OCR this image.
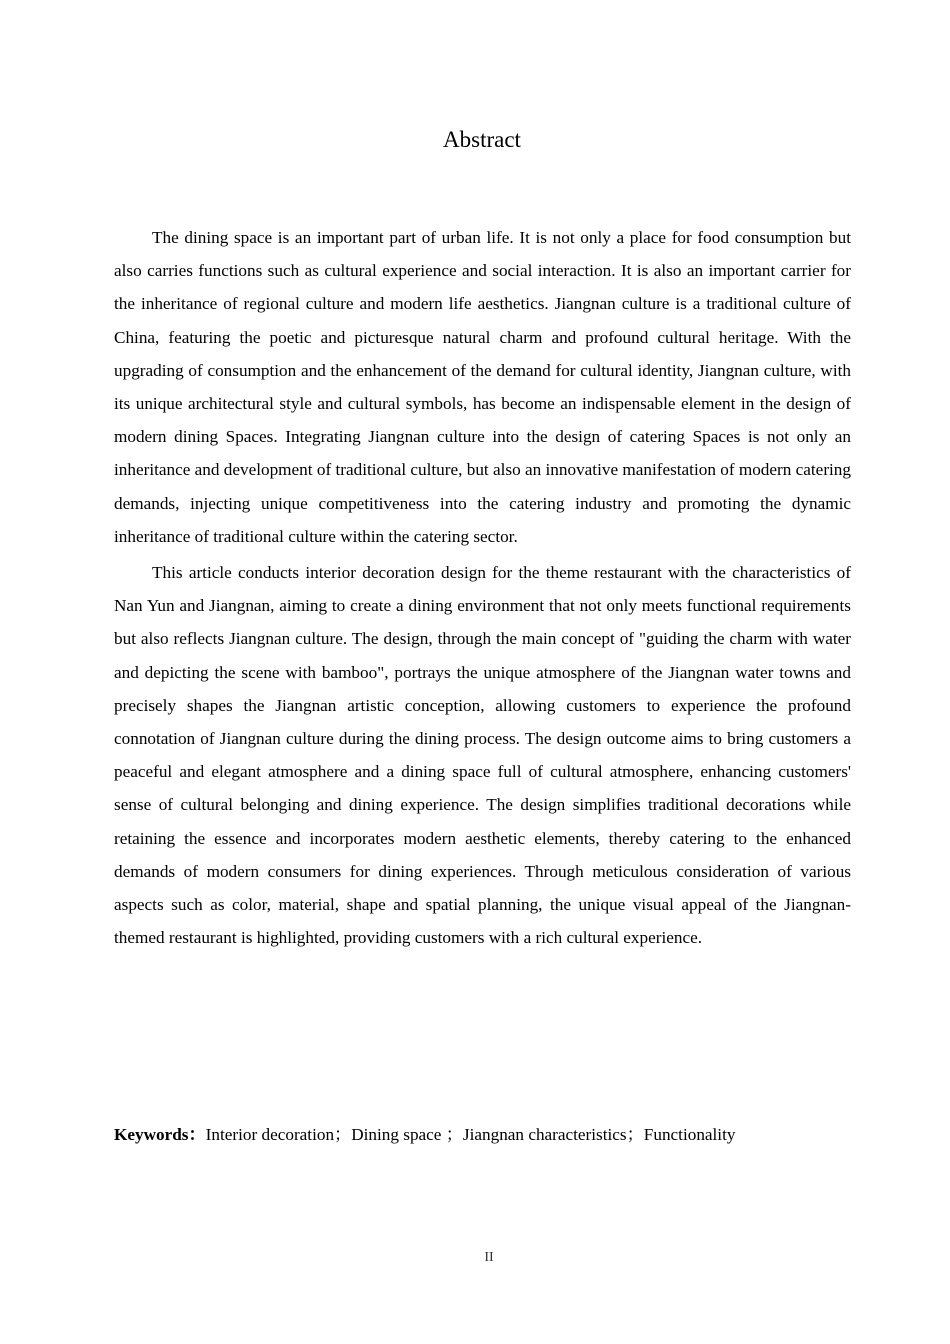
Abstract

The dining space is an important part of urban life. It is not only a place for food consumption but also carries functions such as cultural experience and social interaction. It is also an important carrier for the inheritance of regional culture and modern life aesthetics. Jiangnan culture is a traditional culture of China, featuring the poetic and picturesque natural charm and profound cultural heritage. With the upgrading of consumption and the enhancement of the demand for cultural identity, Jiangnan culture, with its unique architectural style and cultural symbols, has become an indispensable element in the design of modern dining Spaces. Integrating Jiangnan culture into the design of catering Spaces is not only an inheritance and development of traditional culture, but also an innovative manifestation of modern catering demands, injecting unique competitiveness into the catering industry and promoting the dynamic inheritance of traditional culture within the catering sector.

This article conducts interior decoration design for the theme restaurant with the characteristics of Nan Yun and Jiangnan, aiming to create a dining environment that not only meets functional requirements but also reflects Jiangnan culture. The design, through the main concept of "guiding the charm with water and depicting the scene with bamboo", portrays the unique atmosphere of the Jiangnan water towns and precisely shapes the Jiangnan artistic conception, allowing customers to experience the profound connotation of Jiangnan culture during the dining process. The design outcome aims to bring customers a peaceful and elegant atmosphere and a dining space full of cultural atmosphere, enhancing customers' sense of cultural belonging and dining experience. The design simplifies traditional decorations while retaining the essence and incorporates modern aesthetic elements, thereby catering to the enhanced demands of modern consumers for dining experiences. Through meticulous consideration of various aspects such as color, material, shape and spatial planning, the unique visual appeal of the Jiangnan-themed restaurant is highlighted, providing customers with a rich cultural experience.

Keywords：Interior decoration；Dining space ；Jiangnan characteristics；Functionality
II
